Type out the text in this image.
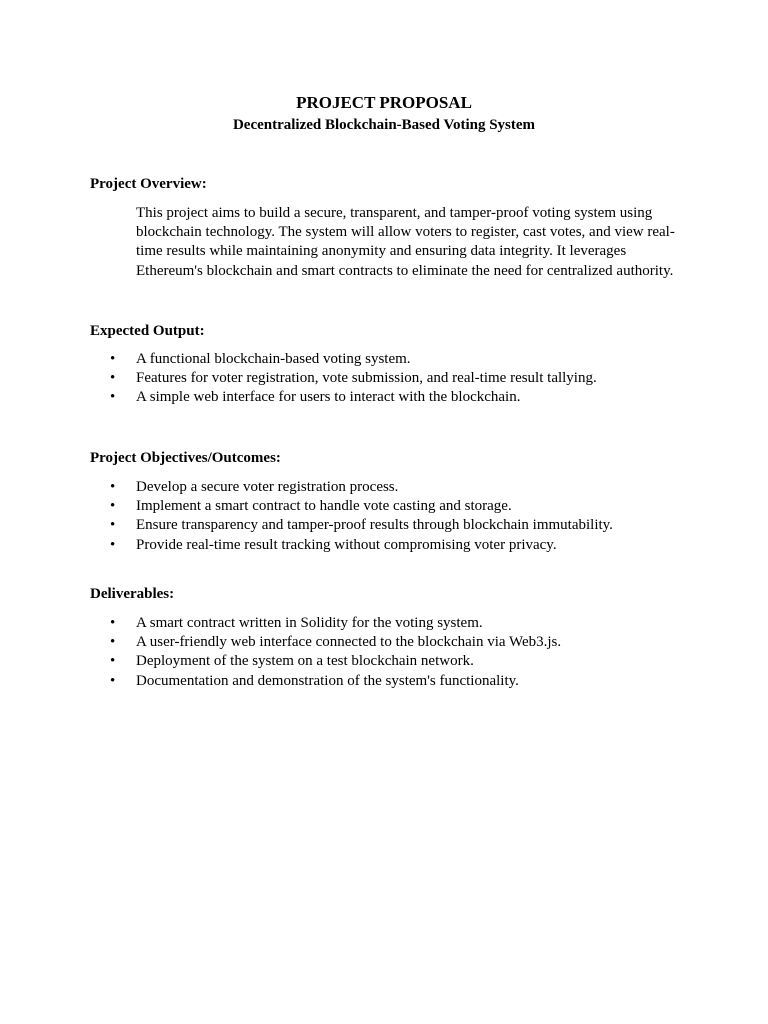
PROJECT PROPOSAL
Decentralized Blockchain-Based Voting System
Project Overview:
This project aims to build a secure, transparent, and tamper-proof voting system using blockchain technology. The system will allow voters to register, cast votes, and view real-time results while maintaining anonymity and ensuring data integrity. It leverages Ethereum's blockchain and smart contracts to eliminate the need for centralized authority.
Expected Output:
• A functional blockchain-based voting system.
• Features for voter registration, vote submission, and real-time result tallying.
• A simple web interface for users to interact with the blockchain.
Project Objectives/Outcomes:
• Develop a secure voter registration process.
• Implement a smart contract to handle vote casting and storage.
• Ensure transparency and tamper-proof results through blockchain immutability.
• Provide real-time result tracking without compromising voter privacy.
Deliverables:
• A smart contract written in Solidity for the voting system.
• A user-friendly web interface connected to the blockchain via Web3.js.
• Deployment of the system on a test blockchain network.
• Documentation and demonstration of the system's functionality.
